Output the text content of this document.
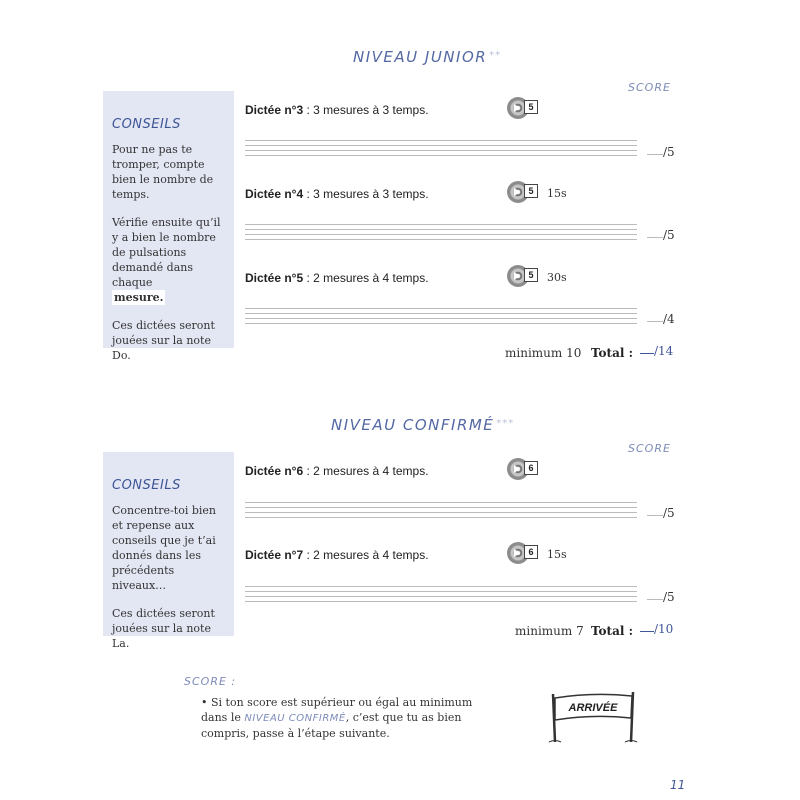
NIVEAU JUNIOR **
SCORE
CONSEILS

Pour ne pas te tromper, compte bien le nombre de temps.

Vérifie ensuite qu’il y a bien le nombre de pulsations demandé dans chaque
mesure.

Ces dictées seront jouées sur la note Do.

Dictée n°3 : 3 mesures à 3 temps.	5
/5
Dictée n°4 : 3 mesures à 3 temps.	5	15s
/5
Dictée n°5 : 2 mesures à 4 temps.	5	30s
/4
minimum 10 Total :	/14
NIVEAU CONFIRMÉ ***
SCORE
CONSEILS

Concentre-toi bien et repense aux conseils que je t’ai donnés dans les précédents niveaux…

Ces dictées seront jouées sur la note La.

Dictée n°6 : 2 mesures à 4 temps.	6
/5
Dictée n°7 : 2 mesures à 4 temps.	6	15s
/5
minimum 7 Total :	/10
SCORE :
• Si ton score est supérieur ou égal au minimum dans le NIVEAU CONFIRMÉ, c’est que tu as bien compris, passe à l’étape suivante.
ARRIVÉE
11
